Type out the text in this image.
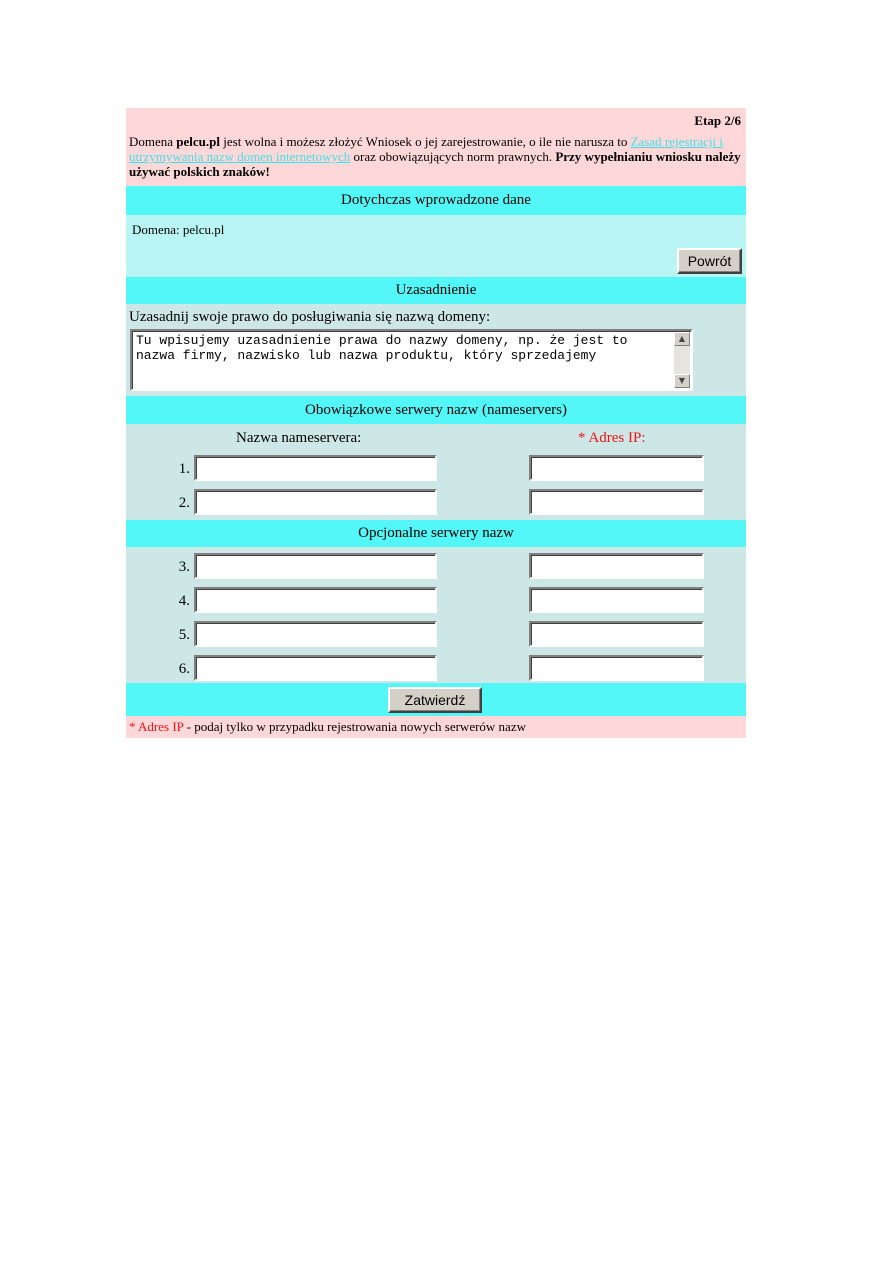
Etap 2/6
Domena pelcu.pl jest wolna i możesz złożyć Wniosek o jej zarejestrowanie, o ile nie narusza to Zasad rejestracji i utrzymywania nazw domen internetowych oraz obowiązujących norm prawnych. Przy wypełnianiu wniosku należy używać polskich znaków!
Dotychczas wprowadzone dane
Domena: pelcu.pl
Powrót
Uzasadnienie
Uzasadnij swoje prawo do posługiwania się nazwą domeny:
Tu wpisujemy uzasadnienie prawa do nazwy domeny, np. że jest to nazwa firmy, nazwisko lub nazwa produktu, który sprzedajemy
▲
▼
Obowiązkowe serwery nazw (nameservers)
Nazwa nameservera:	* Adres IP:
1.
2.
Opcjonalne serwery nazw
3.
4.
5.
6.
Zatwierdź
* Adres IP - podaj tylko w przypadku rejestrowania nowych serwerów nazw
